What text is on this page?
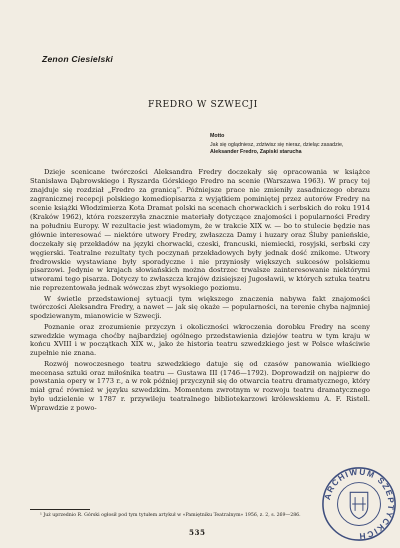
Zenon Ciesielski

FREDRO W SZWECJI
Motto
Jak się oglądniesz, zdziwisz się nieraz, dzieląc zasadzie,
Aleksander Fredro, Zapiski starucha

Dzieje scenicane twórczości Aleksandra Fredry doczekały się opracowania w książce Stanisława Dąbrowskiego i Ryszarda Górskiego Fredro na scenie (Warszawa 1963). W pracy tej znajduje się rozdział „Fredro za granicą”. Późniejsze prace nie zmieniły zasadniczego obrazu zagranicznej recepcji polskiego komediopisarza z wyjątkiem pominiętej przez autorów Fredry na scenie książki Włodzimierza Kota Dramat polski na scenach chorwackich i serbskich do roku 1914 (Kraków 1962), która rozszerzyła znacznie materiały dotyczące znajomości i popularności Fredry na południu Europy. W rezultacie jest wiadomym, że w trakcie XIX w. — bo to stulecie będzie nas głównie interesować — niektóre utwory Fredry, zwłaszcza Damy i huzary oraz Śluby panieńskie, doczekały się przekładów na języki chorwacki, czeski, francuski, niemiecki, rosyjski, serbski czy węgierski. Teatralne rezultaty tych poczynań przekładowych były jednak dość znikome. Utwory fredrowskie wystawiane były sporadyczne i nie przyniosły większych sukcesów polskiemu pisarzowi. Jedynie w krajach słowiańskich można dostrzec trwalsze zainteresowanie niektórymi utworami tego pisarza. Dotyczy to zwłaszcza krajów dzisiejszej Jugosławii, w których sztuka teatru nie reprezentowała jednak wówczas zbyt wysokiego poziomu.

W świetle przedstawionej sytuacji tym większego znaczenia nabywa fakt znajomości twórczości Aleksandra Fredry, a nawet — jak się okaże — popularności, na terenie chyba najmniej spodziewanym, mianowicie w Szwecji.

Poznanie oraz zrozumienie przyczyn i okoliczności wkroczenia dorobku Fredry na sceny szwedzkie wymaga choćby najbardziej ogólnego przedstawienia dziejów teatru w tym kraju w końcu XVIII i w początkach XIX w., jako że historia teatru szwedzkiego jest w Polsce właściwie zupełnie nie znana.

Rozwój nowoczesnego teatru szwedzkiego datuje się od czasów panowania wielkiego mecenasa sztuki oraz miłośnika teatru — Gustawa III (1746—1792). Doprowadził on najpierw do powstania opery w 1773 r., a w rok później przyczynił się do otwarcia teatru dramatycznego, który miał grać również w języku szwedzkim. Momentem zwrotnym w rozwoju teatru dramatycznego było udzielenie w 1787 r. przywileju teatralnego bibliotekarzowi królewskiemu A. F. Ristell. Wprawdzie z powo-

¹ Już uprzednio R. Górski ogłosił pod tym tytułem artykuł w «Pamiętniku Teatralnym» 1956, z. 2, s. 269—286.
535
ARCHIWUM SZEPTYCKICH
